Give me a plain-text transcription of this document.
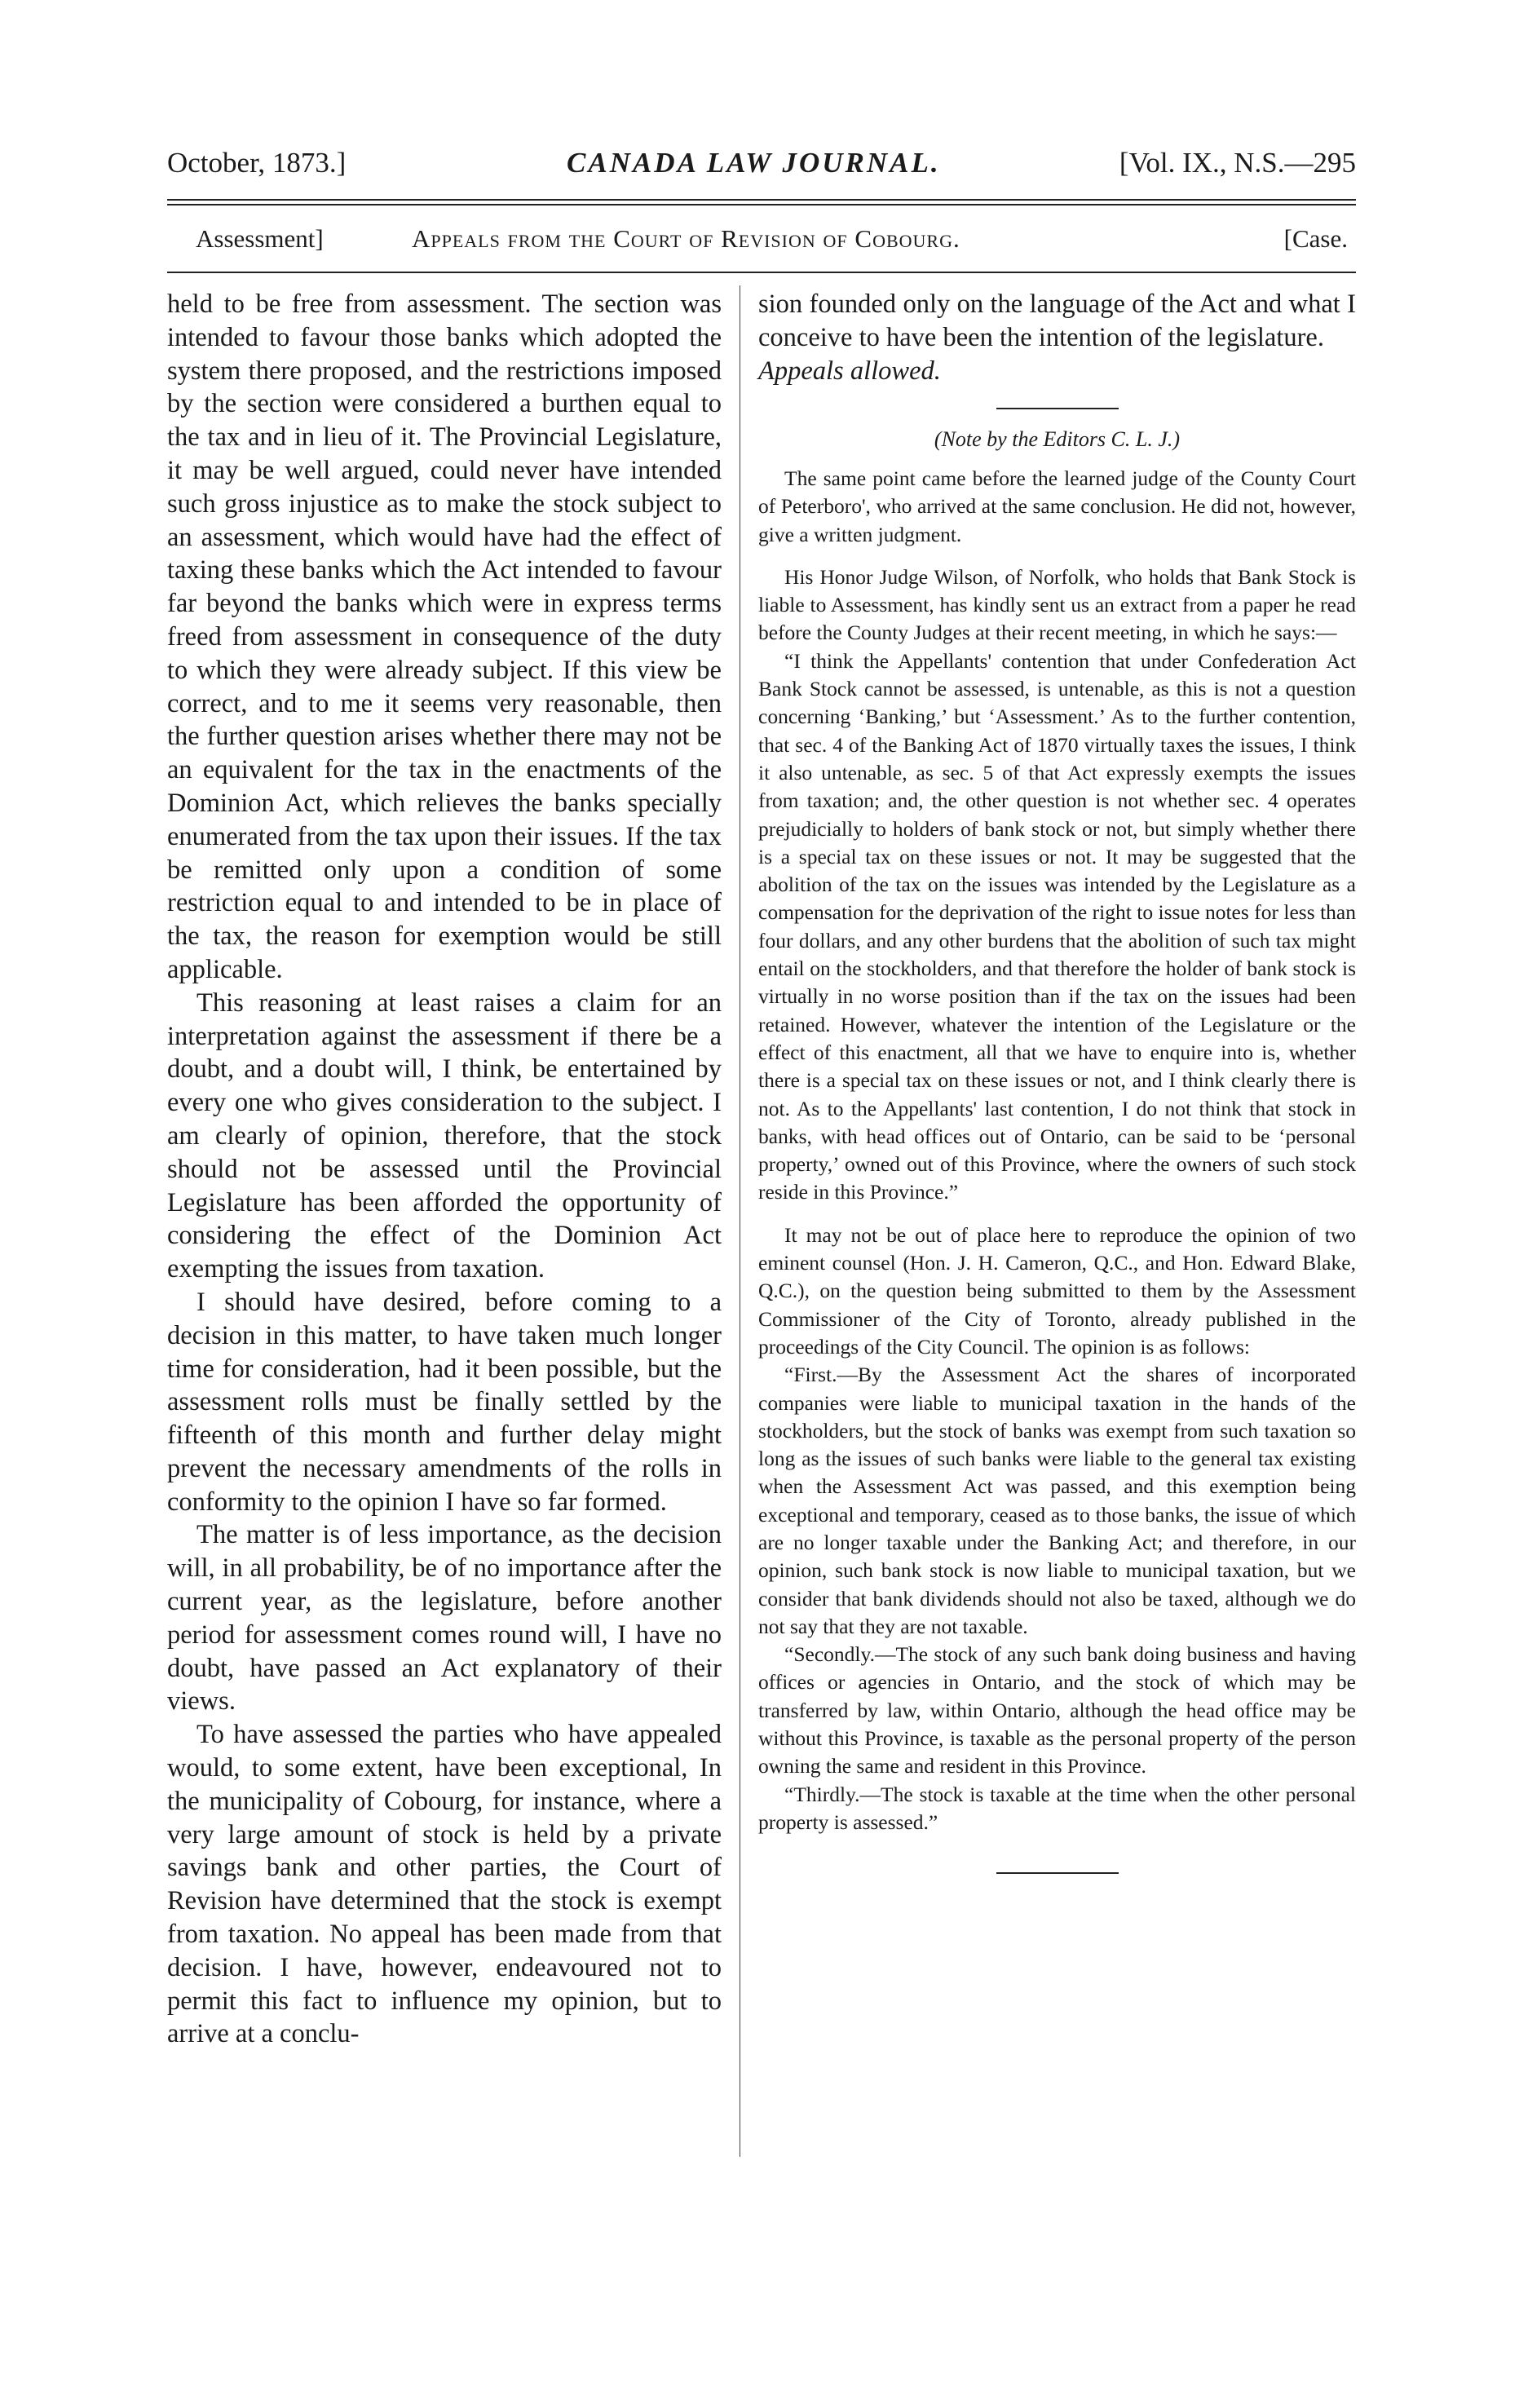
October, 1873.]	CANADA LAW JOURNAL.	[Vol. IX., N.S.—295
Assessment]	Appeals from the Court of Revision of Cobourg.	[Case.

held to be free from assessment. The section was intended to favour those banks which adopted the system there proposed, and the restrictions imposed by the section were considered a burthen equal to the tax and in lieu of it. The Provincial Legislature, it may be well argued, could never have intended such gross injustice as to make the stock subject to an assessment, which would have had the effect of taxing these banks which the Act intended to favour far beyond the banks which were in express terms freed from assessment in consequence of the duty to which they were already subject. If this view be correct, and to me it seems very reasonable, then the further question arises whether there may not be an equivalent for the tax in the enactments of the Dominion Act, which relieves the banks specially enumerated from the tax upon their issues. If the tax be remitted only upon a condition of some restriction equal to and intended to be in place of the tax, the reason for exemption would be still applicable.

This reasoning at least raises a claim for an interpretation against the assessment if there be a doubt, and a doubt will, I think, be entertained by every one who gives consideration to the subject. I am clearly of opinion, therefore, that the stock should not be assessed until the Provincial Legislature has been afforded the opportunity of considering the effect of the Dominion Act exempting the issues from taxation.

I should have desired, before coming to a decision in this matter, to have taken much longer time for consideration, had it been possible, but the assessment rolls must be finally settled by the fifteenth of this month and further delay might prevent the necessary amendments of the rolls in conformity to the opinion I have so far formed.

The matter is of less importance, as the decision will, in all probability, be of no importance after the current year, as the legislature, before another period for assessment comes round will, I have no doubt, have passed an Act explanatory of their views.

To have assessed the parties who have appealed would, to some extent, have been exceptional, In the municipality of Cobourg, for instance, where a very large amount of stock is held by a private savings bank and other parties, the Court of Revision have determined that the stock is exempt from taxation. No appeal has been made from that decision. I have, however, endeavoured not to permit this fact to influence my opinion, but to arrive at a conclu-

sion founded only on the language of the Act and what I conceive to have been the intention of the legislature.

Appeals allowed.

(Note by the Editors C. L. J.)

The same point came before the learned judge of the County Court of Peterboro', who arrived at the same conclusion. He did not, however, give a written judgment.

His Honor Judge Wilson, of Norfolk, who holds that Bank Stock is liable to Assessment, has kindly sent us an extract from a paper he read before the County Judges at their recent meeting, in which he says:—

“I think the Appellants' contention that under Confederation Act Bank Stock cannot be assessed, is untenable, as this is not a question concerning ‘Banking,’ but ‘Assessment.’ As to the further contention, that sec. 4 of the Banking Act of 1870 virtually taxes the issues, I think it also untenable, as sec. 5 of that Act expressly exempts the issues from taxation; and, the other question is not whether sec. 4 operates prejudicially to holders of bank stock or not, but simply whether there is a special tax on these issues or not. It may be suggested that the abolition of the tax on the issues was intended by the Legislature as a compensation for the deprivation of the right to issue notes for less than four dollars, and any other burdens that the abolition of such tax might entail on the stockholders, and that therefore the holder of bank stock is virtually in no worse position than if the tax on the issues had been retained. However, whatever the intention of the Legislature or the effect of this enactment, all that we have to enquire into is, whether there is a special tax on these issues or not, and I think clearly there is not. As to the Appellants' last contention, I do not think that stock in banks, with head offices out of Ontario, can be said to be ‘personal property,’ owned out of this Province, where the owners of such stock reside in this Province.”

It may not be out of place here to reproduce the opinion of two eminent counsel (Hon. J. H. Cameron, Q.C., and Hon. Edward Blake, Q.C.), on the question being submitted to them by the Assessment Commissioner of the City of Toronto, already published in the proceedings of the City Council. The opinion is as follows:

“First.—By the Assessment Act the shares of incorporated companies were liable to municipal taxation in the hands of the stockholders, but the stock of banks was exempt from such taxation so long as the issues of such banks were liable to the general tax existing when the Assessment Act was passed, and this exemption being exceptional and temporary, ceased as to those banks, the issue of which are no longer taxable under the Banking Act; and therefore, in our opinion, such bank stock is now liable to municipal taxation, but we consider that bank dividends should not also be taxed, although we do not say that they are not taxable.

“Secondly.—The stock of any such bank doing business and having offices or agencies in Ontario, and the stock of which may be transferred by law, within Ontario, although the head office may be without this Province, is taxable as the personal property of the person owning the same and resident in this Province.

“Thirdly.—The stock is taxable at the time when the other personal property is assessed.”
